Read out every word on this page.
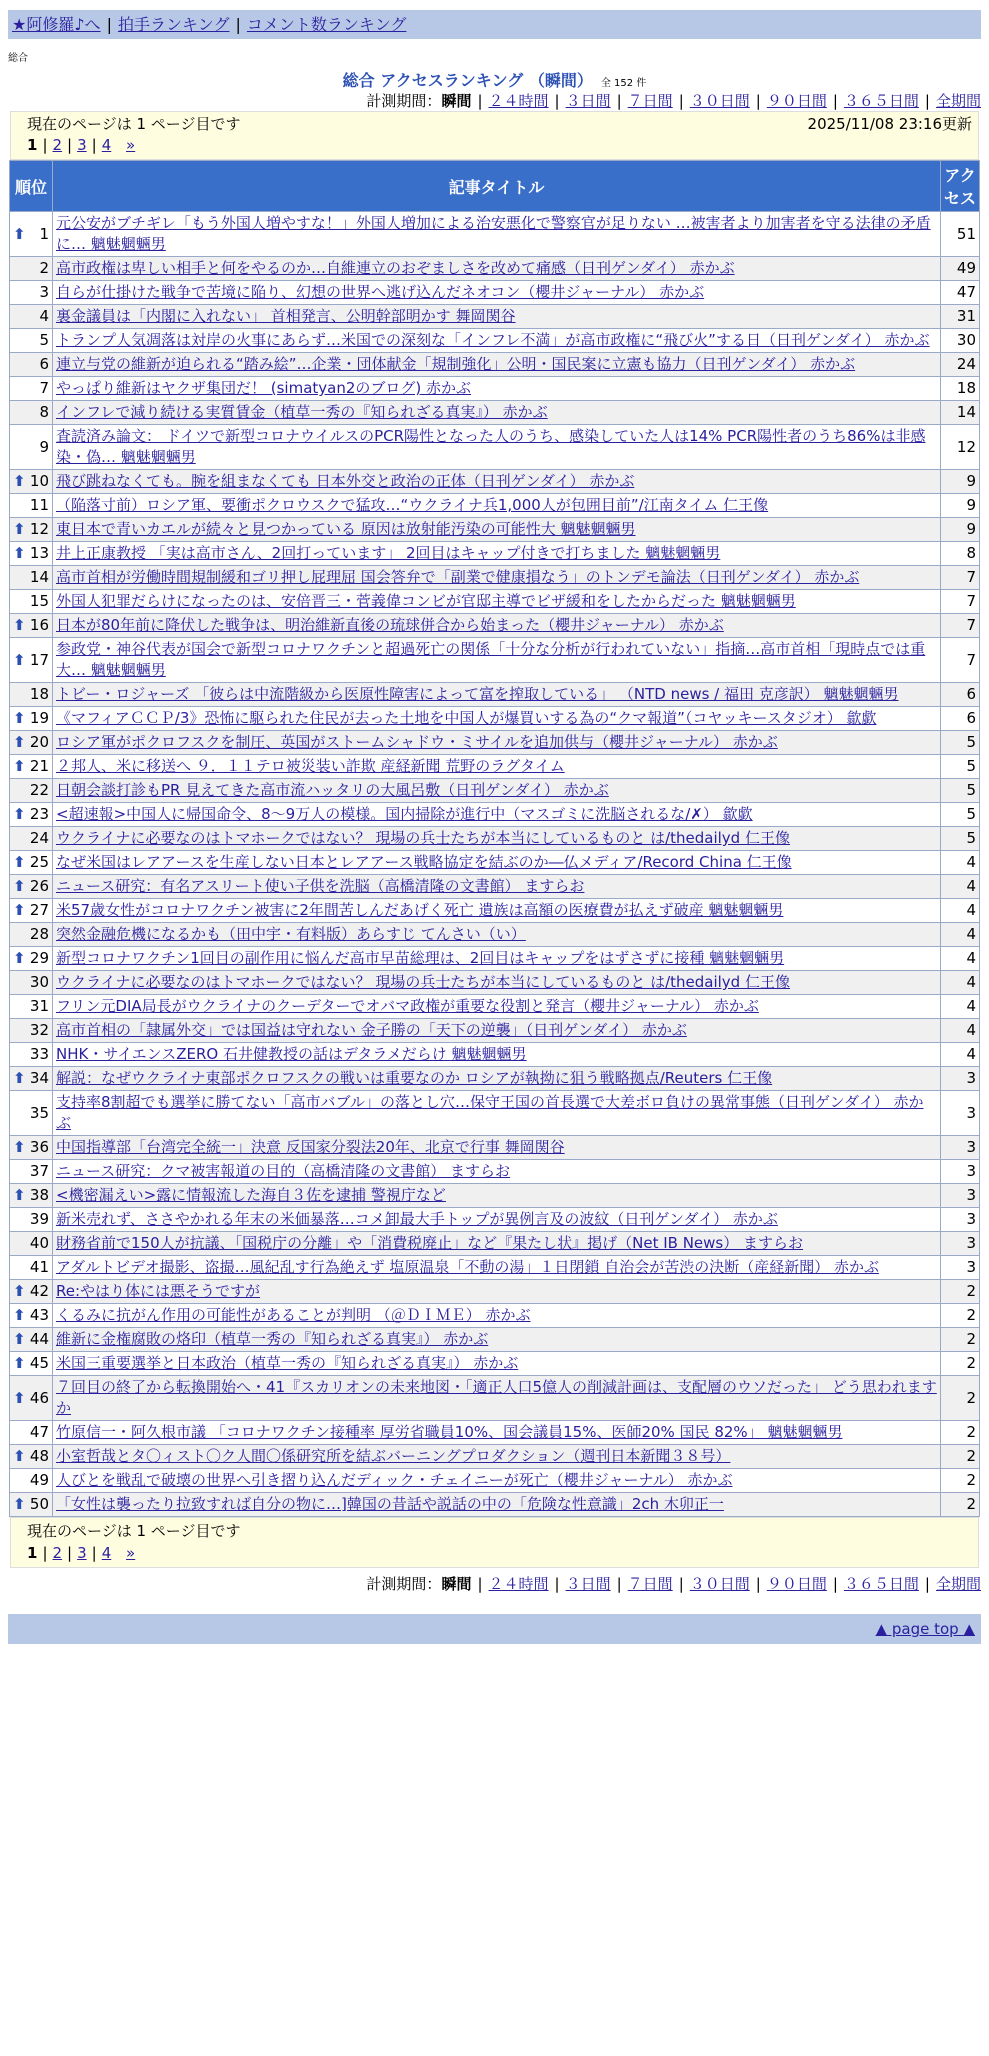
★阿修羅♪へ | 拍手ランキング | コメント数ランキング
総合
総合 アクセスランキング （瞬間） 全 152 件
計測期間：瞬間 | ２４時間 | ３日間 | ７日間 | ３０日間 | ９０日間 | ３６５日間 | 全期間
現在のページは 1 ページ目です	2025/11/08 23:16更新
1 | 2 | 3 | 4 »
順位	記事タイトル	アクセス

⬆ 1	元公安がブチギレ「もう外国人増やすな！」外国人増加による治安悪化で警察官が足りない …被害者より加害者を守る法律の矛盾に… 魑魅魍魎男	51
2	高市政権は卑しい相手と何をやるのか…自維連立のおぞましさを改めて痛感（日刊ゲンダイ） 赤かぶ	49
3	自らが仕掛けた戦争で苦境に陥り、幻想の世界へ逃げ込んだネオコン（櫻井ジャーナル） 赤かぶ	47
4	裏金議員は「内閣に入れない」 首相発言、公明幹部明かす 舞岡関谷	31
5	トランプ人気凋落は対岸の火事にあらず…米国での深刻な「インフレ不満」が高市政権に“飛び火”する日（日刊ゲンダイ） 赤かぶ	30
6	連立与党の維新が迫られる“踏み絵”…企業・団体献金「規制強化」公明・国民案に立憲も協力（日刊ゲンダイ） 赤かぶ	24
7	やっぱり維新はヤクザ集団だ！ (simatyan2のブログ) 赤かぶ	18
8	インフレで減り続ける実質賃金（植草一秀の『知られざる真実』） 赤かぶ	14
9	査読済み論文： ドイツで新型コロナウイルスのPCR陽性となった人のうち、感染していた人は14% PCR陽性者のうち86%は非感染・偽… 魑魅魍魎男	12

⬆ 10	飛び跳ねなくても。腕を組まなくても 日本外交と政治の正体（日刊ゲンダイ） 赤かぶ	9
11	（陥落寸前）ロシア軍、要衝ポクロウスクで猛攻…“ウクライナ兵1,000人が包囲目前”/江南タイム 仁王像	9

⬆ 12	東日本で青いカエルが続々と見つかっている 原因は放射能汚染の可能性大 魑魅魍魎男	9

⬆ 13	井上正康教授 「実は高市さん、2回打っています」 2回目はキャップ付きで打ちました 魑魅魍魎男	8
14	高市首相が労働時間規制緩和ゴリ押し屁理屈 国会答弁で「副業で健康損なう」のトンデモ論法（日刊ゲンダイ） 赤かぶ	7
15	外国人犯罪だらけになったのは、安倍晋三・菅義偉コンビが官邸主導でビザ緩和をしたからだった 魑魅魍魎男	7

⬆ 16	日本が80年前に降伏した戦争は、明治維新直後の琉球併合から始まった（櫻井ジャーナル） 赤かぶ	7

⬆ 17	参政党・神谷代表が国会で新型コロナワクチンと超過死亡の関係「十分な分析が行われていない」指摘…高市首相「現時点では重大… 魑魅魍魎男	7
18	トビー・ロジャーズ 「彼らは中流階級から医原性障害によって富を搾取している」 （NTD news / 福田 克彦訳） 魑魅魍魎男	6

⬆ 19	《マフィアＣＣＰ/3》恐怖に駆られた住民が去った土地を中国人が爆買いする為の“クマ報道”（コヤッキースタジオ） 歙歔	6

⬆ 20	ロシア軍がポクロフスクを制圧、英国がストームシャドウ・ミサイルを追加供与（櫻井ジャーナル） 赤かぶ	5

⬆ 21	２邦人、米に移送へ ９．１１テロ被災装い詐欺 産経新聞 荒野のラグタイム	5
22	日朝会談打診もPR 見えてきた高市流ハッタリの大風呂敷（日刊ゲンダイ） 赤かぶ	5

⬆ 23	<超速報>中国人に帰国命令、8～9万人の模様。国内掃除が進行中（マスゴミに洗脳されるな/✗） 歙歔	5
24	ウクライナに必要なのはトマホークではない？ 現場の兵士たちが本当にしているものと は/thedailyd 仁王像	5

⬆ 25	なぜ米国はレアアースを生産しない日本とレアアース戦略協定を結ぶのか―仏メディア/Record China 仁王像	4

⬆ 26	ニュース研究：有名アスリート使い子供を洗脳（高橋清隆の文書館） ますらお	4

⬆ 27	米57歳女性がコロナワクチン被害に2年間苦しんだあげく死亡 遺族は高額の医療費が払えず破産 魑魅魍魎男	4
28	突然金融危機になるかも（田中宇・有料版）あらすじ てんさい（い）	4

⬆ 29	新型コロナワクチン1回目の副作用に悩んだ高市早苗総理は、2回目はキャップをはずさずに接種 魑魅魍魎男	4
30	ウクライナに必要なのはトマホークではない？ 現場の兵士たちが本当にしているものと は/thedailyd 仁王像	4
31	フリン元DIA局長がウクライナのクーデターでオバマ政権が重要な役割と発言（櫻井ジャーナル） 赤かぶ	4
32	高市首相の「隷属外交」では国益は守れない 金子勝の「天下の逆襲」（日刊ゲンダイ） 赤かぶ	4
33	NHK・サイエンスZERO 石井健教授の話はデタラメだらけ 魑魅魍魎男	4

⬆ 34	解説：なぜウクライナ東部ポクロフスクの戦いは重要なのか ロシアが執拗に狙う戦略拠点/Reuters 仁王像	3
35	支持率8割超でも選挙に勝てない「高市バブル」の落とし穴…保守王国の首長選で大差ボロ負けの異常事態（日刊ゲンダイ） 赤かぶ	3

⬆ 36	中国指導部「台湾完全統一」決意 反国家分裂法20年、北京で行事 舞岡関谷	3
37	ニュース研究：クマ被害報道の目的（高橋清隆の文書館） ますらお	3

⬆ 38	<機密漏えい>露に情報流した海自３佐を逮捕 警視庁など	3
39	新米売れず、ささやかれる年末の米価暴落…コメ卸最大手トップが異例言及の波紋（日刊ゲンダイ） 赤かぶ	3
40	財務省前で150人が抗議、「国税庁の分離」や「消費税廃止」など『果たし状』掲げ（Net IB News） ますらお	3
41	アダルトビデオ撮影、盗撮…風紀乱す行為絶えず 塩原温泉「不動の湯」１日閉鎖 自治会が苦渋の決断（産経新聞） 赤かぶ	3

⬆ 42	Re:やはり体には悪そうですが	2

⬆ 43	くるみに抗がん作用の可能性があることが判明 （＠ＤＩＭＥ） 赤かぶ	2

⬆ 44	維新に金権腐敗の烙印（植草一秀の『知られざる真実』） 赤かぶ	2

⬆ 45	米国三重要選挙と日本政治（植草一秀の『知られざる真実』） 赤かぶ	2

⬆ 46	７回目の終了から転換開始へ・41『スカリオンの未来地図・「適正人口5億人の削減計画は、支配層のウソだった」 どう思われますか	2
47	竹原信一・阿久根市議 「コロナワクチン接種率 厚労省職員10%、国会議員15%、医師20% 国民 82%」 魑魅魍魎男	2

⬆ 48	小室哲哉とタ〇ィスト〇ク人間〇係研究所を結ぶバーニングプロダクション（週刊日本新聞３８号）	2
49	人びとを戦乱で破壊の世界へ引き摺り込んだディック・チェイニーが死亡（櫻井ジャーナル） 赤かぶ	2

⬆ 50	「女性は襲ったり拉致すれば自分の物に…]韓国の昔話や説話の中の「危険な性意識」2ch 木卯正一	2
現在のページは 1 ページ目です
1 | 2 | 3 | 4 »
計測期間：瞬間 | ２４時間 | ３日間 | ７日間 | ３０日間 | ９０日間 | ３６５日間 | 全期間
▲ page top ▲
